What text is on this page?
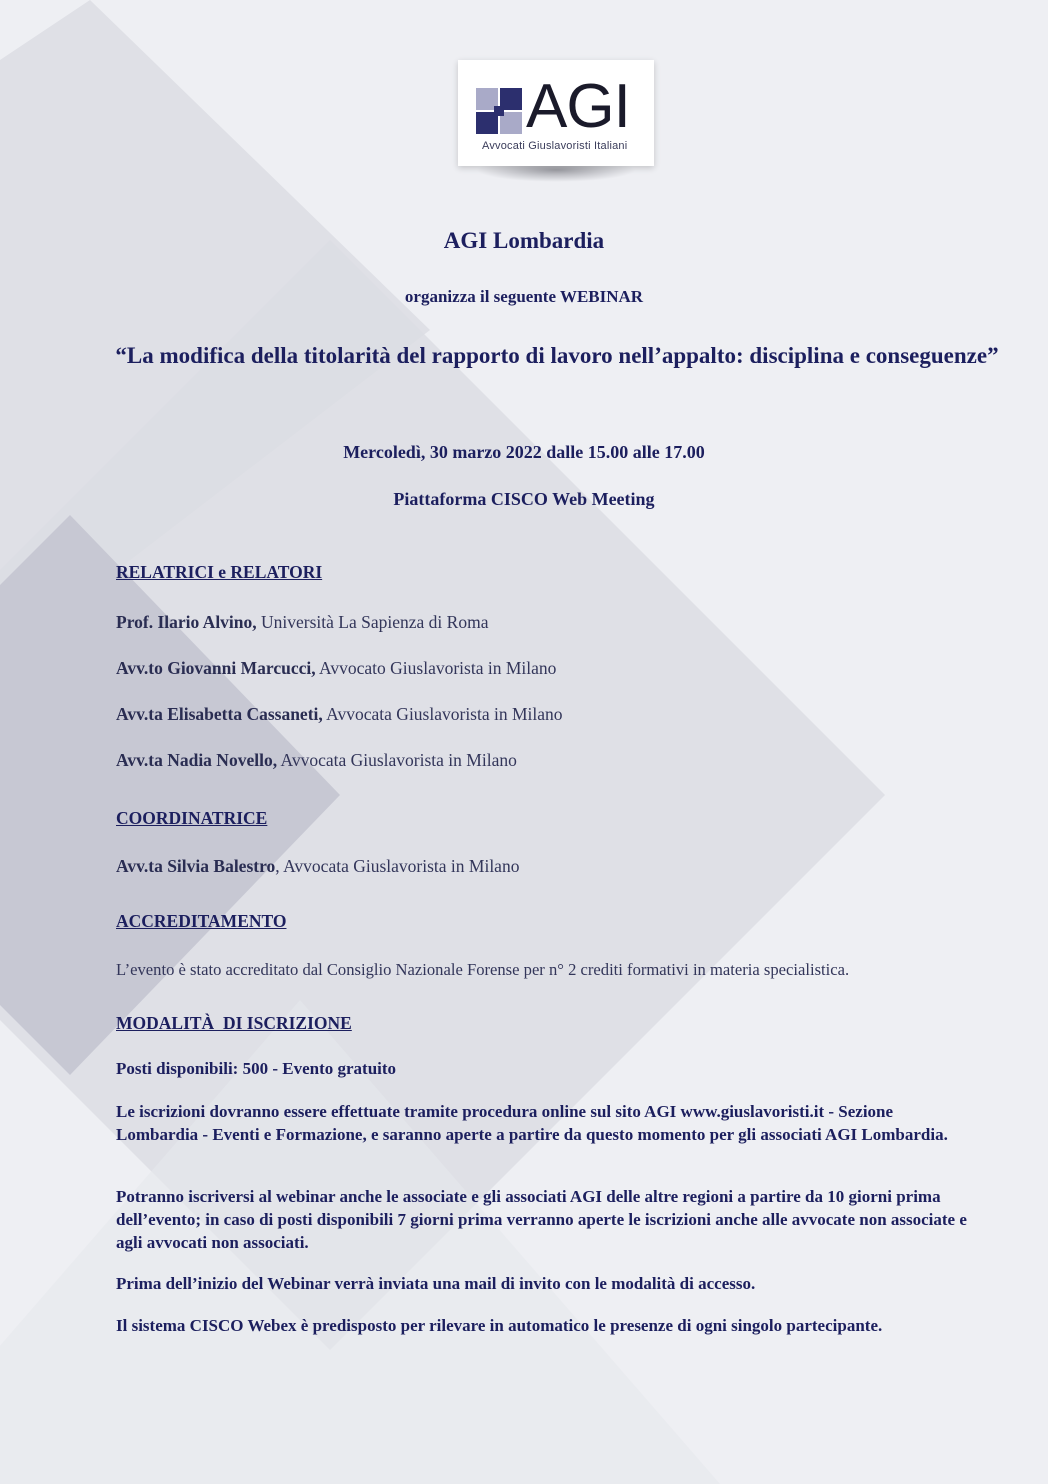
AGI
Avvocati Giuslavoristi Italiani
AGI Lombardia
organizza il seguente WEBINAR
“La modifica della titolarità del rapporto di lavoro nell’appalto: disciplina e conseguenze”
Mercoledì, 30 marzo 2022 dalle 15.00 alle 17.00
Piattaforma CISCO Web Meeting
RELATRICI e RELATORI
Prof. Ilario Alvino, Università La Sapienza di Roma
Avv.to Giovanni Marcucci, Avvocato Giuslavorista in Milano
Avv.ta Elisabetta Cassaneti, Avvocata Giuslavorista in Milano
Avv.ta Nadia Novello, Avvocata Giuslavorista in Milano
COORDINATRICE
Avv.ta Silvia Balestro, Avvocata Giuslavorista in Milano
ACCREDITAMENTO
L’evento è stato accreditato dal Consiglio Nazionale Forense per n° 2 crediti formativi in materia specialistica.
MODALITÀ  DI ISCRIZIONE
Posti disponibili: 500 - Evento gratuito
Le iscrizioni dovranno essere effettuate tramite procedura online sul sito AGI www.giuslavoristi.it - Sezione Lombardia - Eventi e Formazione, e saranno aperte a partire da questo momento per gli associati AGI Lombardia.
Potranno iscriversi al webinar anche le associate e gli associati AGI delle altre regioni a partire da 10 giorni prima dell’evento; in caso di posti disponibili 7 giorni prima verranno aperte le iscrizioni anche alle avvocate non associate e agli avvocati non associati.
Prima dell’inizio del Webinar verrà inviata una mail di invito con le modalità di accesso.
Il sistema CISCO Webex è predisposto per rilevare in automatico le presenze di ogni singolo partecipante.
